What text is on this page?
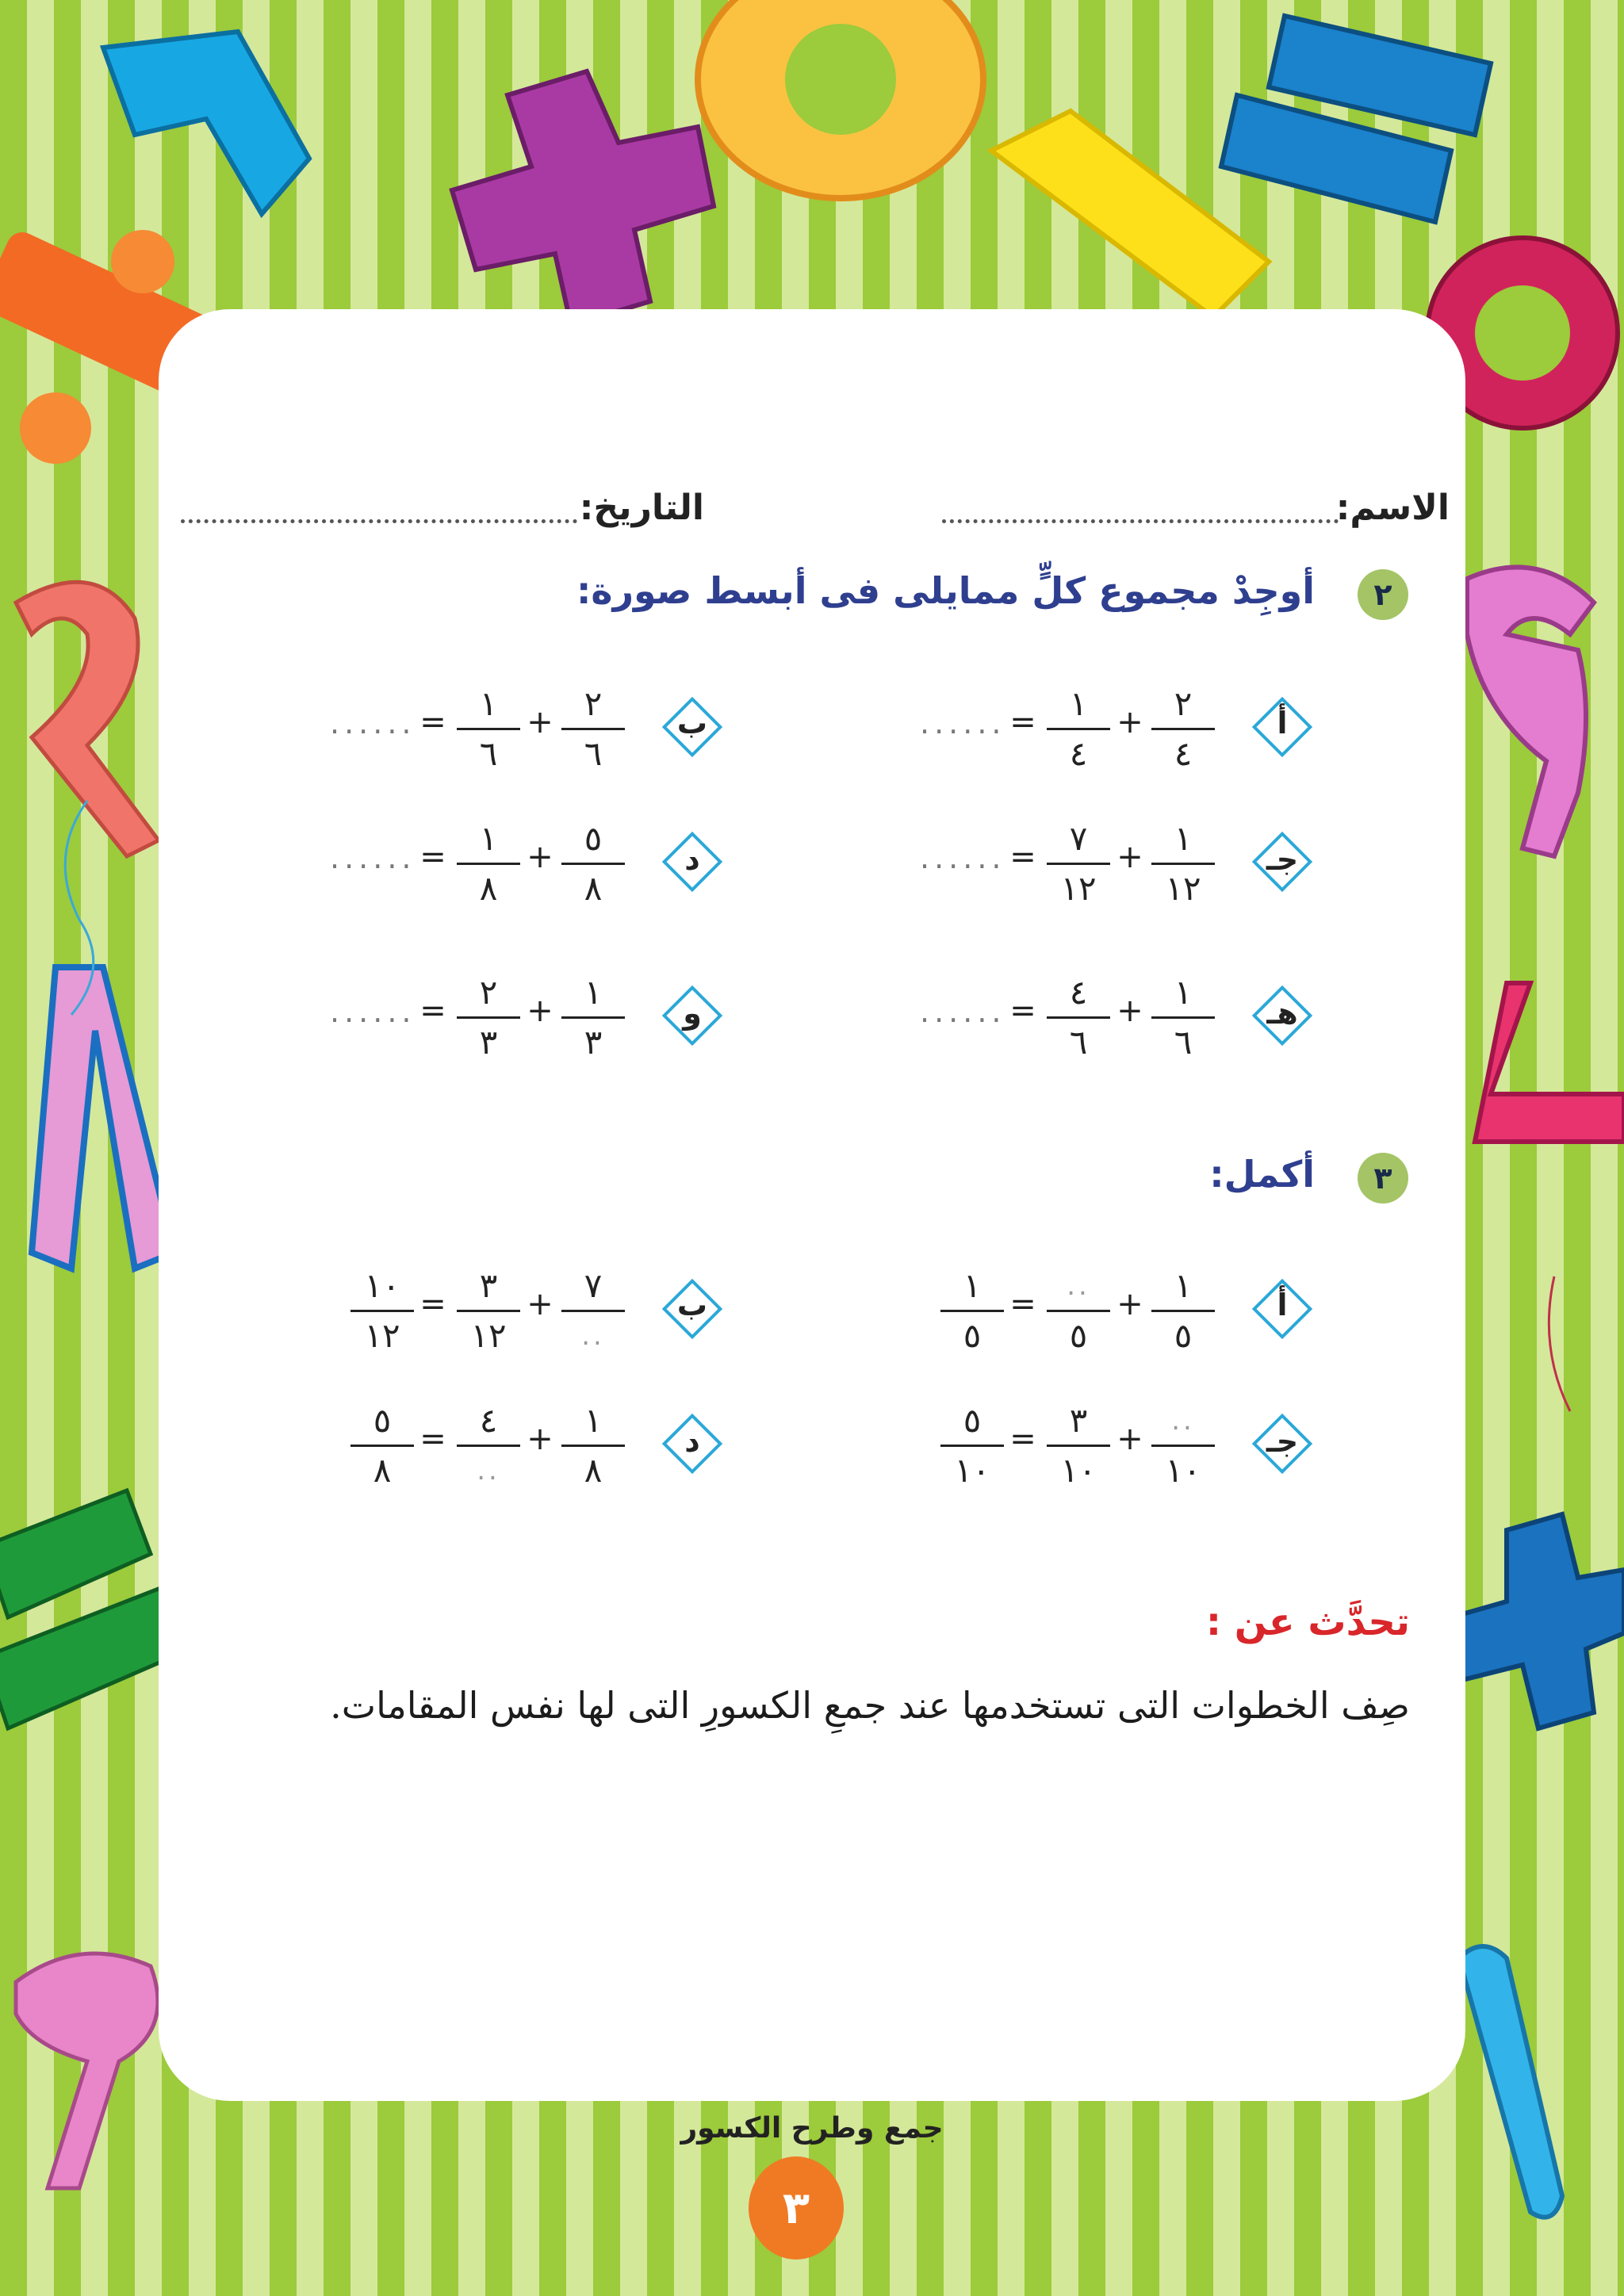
الاسم:
التاريخ:
٢
أوجِدْ مجموع كلٍّ ممايلى فى أبسط صورة:
أ
٢
٤
+
١
٤
=
......
ب
٢
٦
+
١
٦
=
......
جـ
١
١٢
+
٧
١٢
=
......
د
٥
٨
+
١
٨
=
......
هـ
١
٦
+
٤
٦
=
......
و
١
٣
+
٢
٣
=
......
٣
أكمل:
أ
١
٥
+
..
٥
=
١
٥
ب
٧
..
+
٣
١٢
=
١٠
١٢
جـ
..
١٠
+
٣
١٠
=
٥
١٠
د
١
٨
+
٤
..
=
٥
٨
تحدَّث عن :
صِف الخطوات التى تستخدمها عند جمعِ الكسورِ التى لها نفس المقامات.
جمع وطرح الكسور
٣
